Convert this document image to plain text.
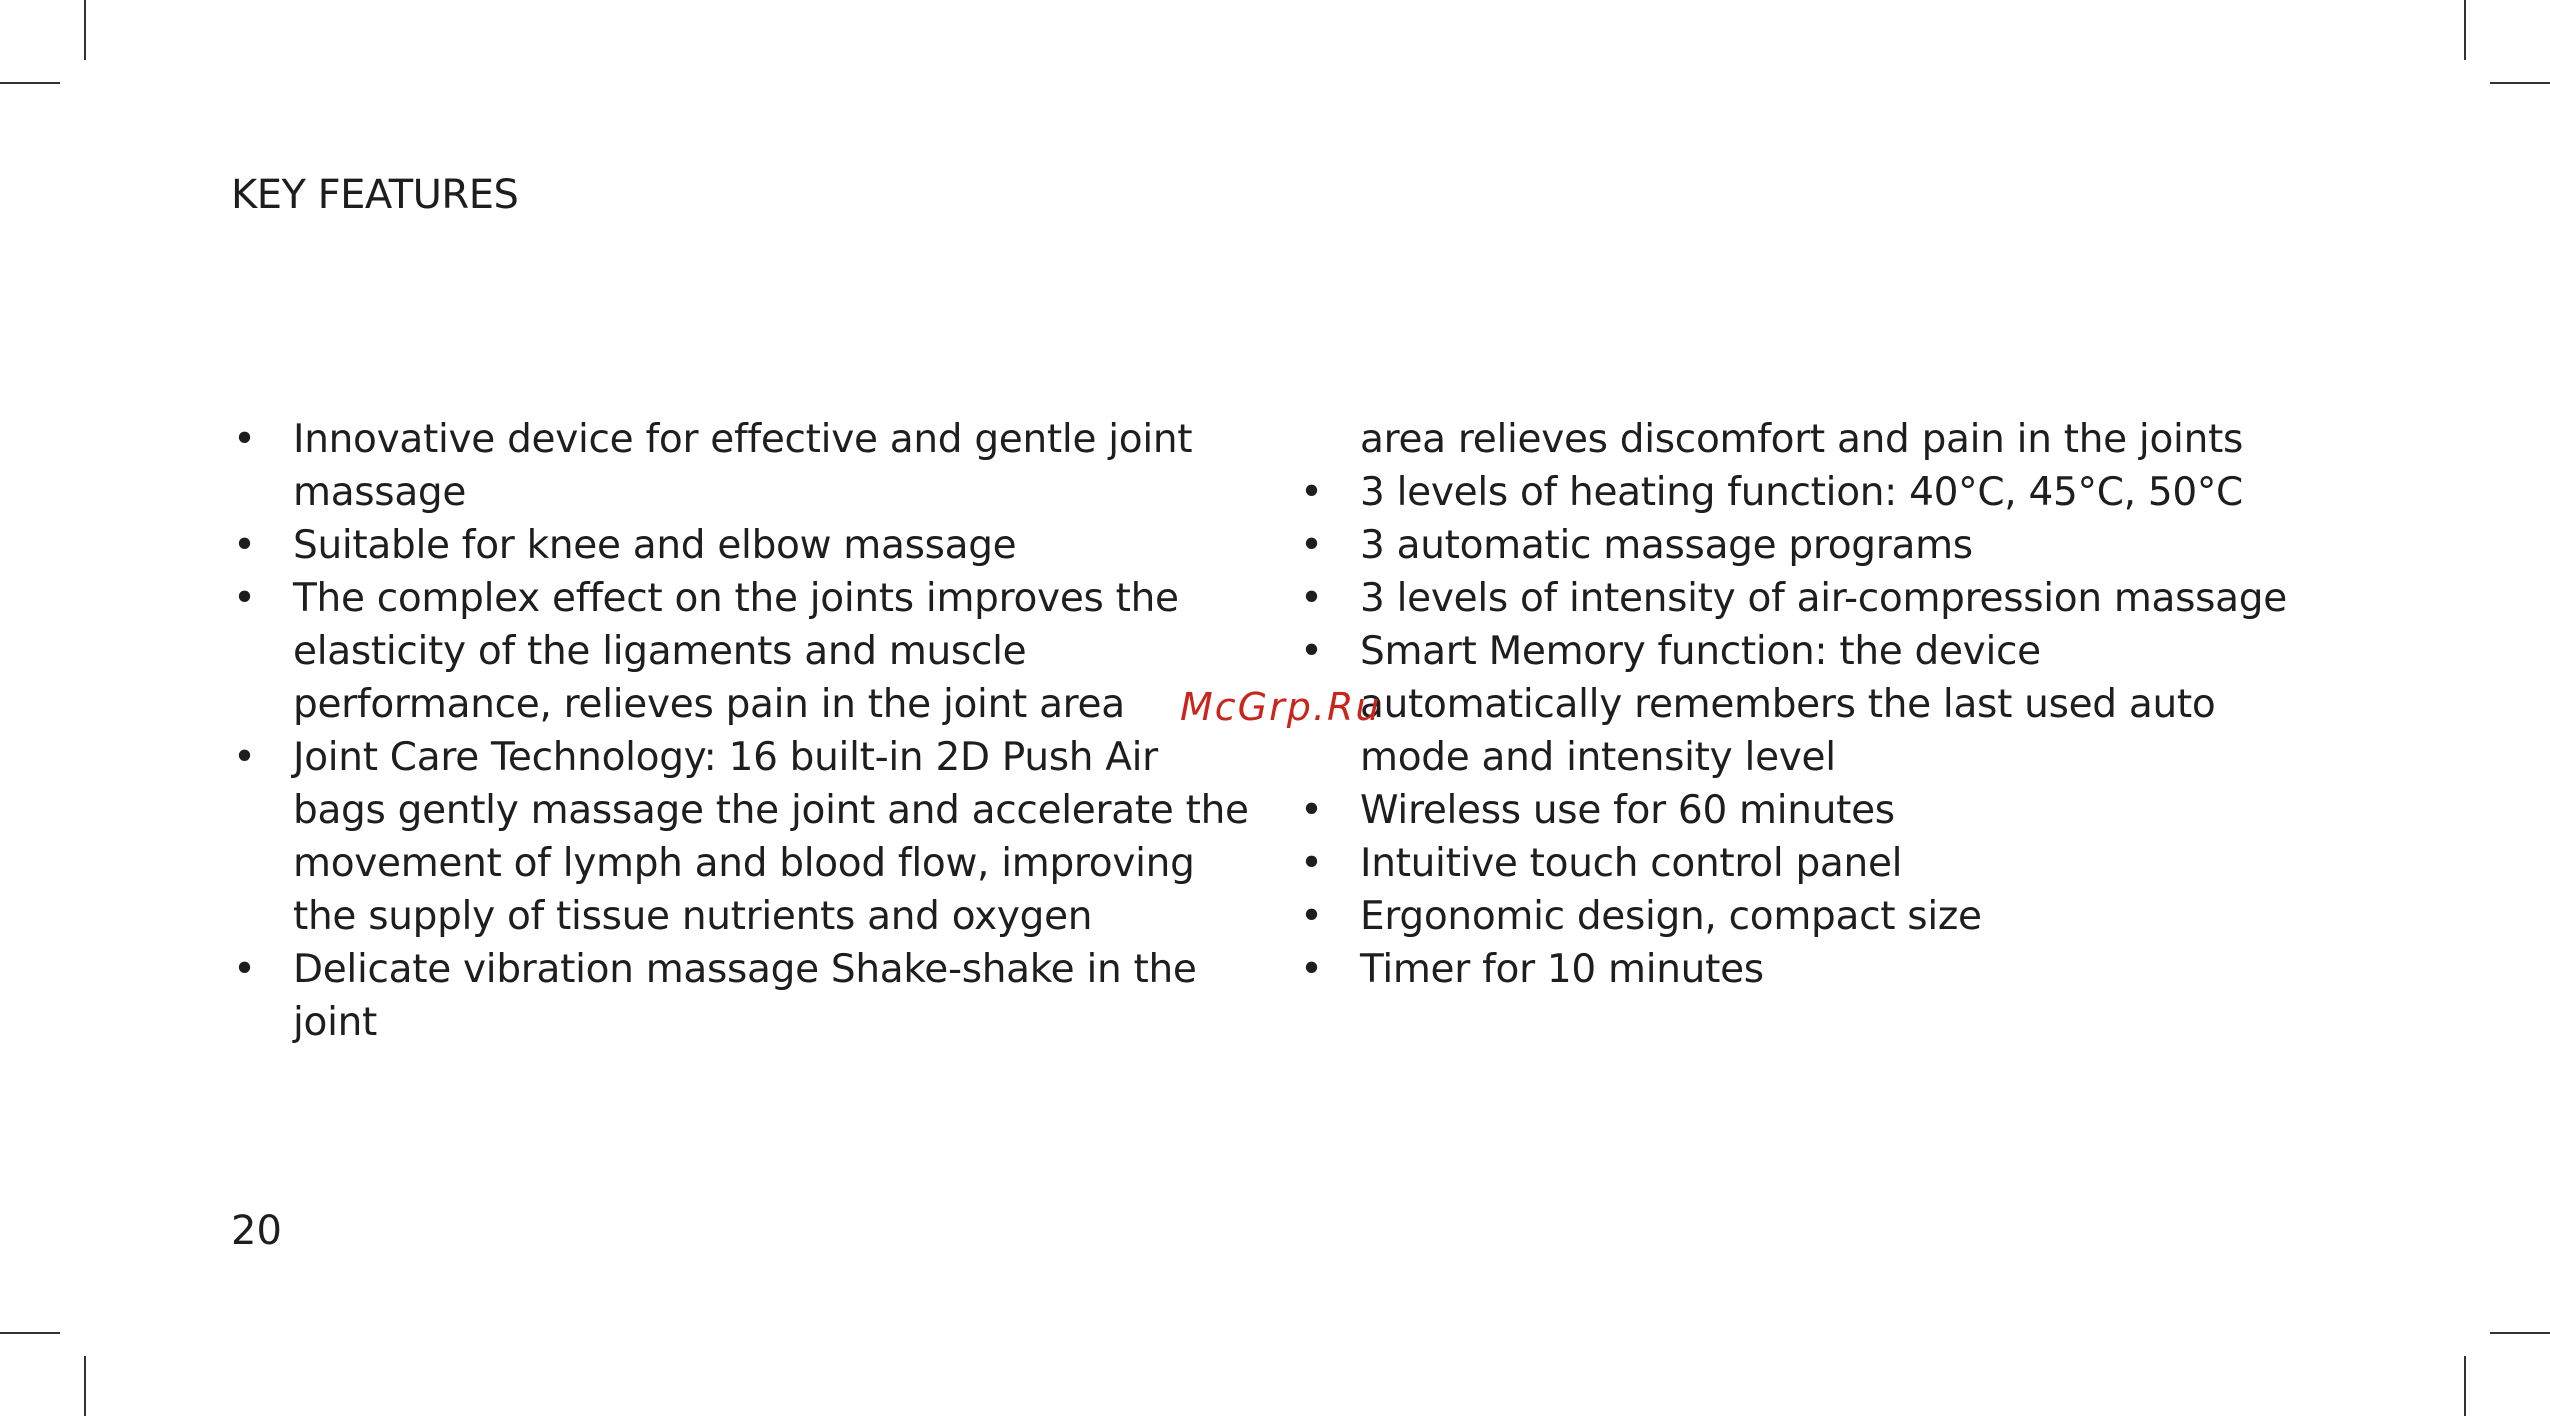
KEY FEATURES
• Innovative device for effective and gentle joint massage
• Suitable for knee and elbow massage
• The complex effect on the joints improves the elasticity of the ligaments and muscle performance, relieves pain in the joint area
• Joint Care Technology: 16 built-in 2D Push Air bags gently massage the joint and accelerate the movement of lymph and blood flow, improving the supply of tissue nutrients and oxygen
• Delicate vibration massage Shake-shake in the joint
area relieves discomfort and pain in the joints
• 3 levels of heating function: 40°C, 45°C, 50°C
• 3 automatic massage programs
• 3 levels of intensity of air-compression massage
• Smart Memory function: the device automatically remembers the last used auto mode and intensity level
• Wireless use for 60 minutes
• Intuitive touch control panel
• Ergonomic design, compact size
• Timer for 10 minutes
McGrp.Ru
20
